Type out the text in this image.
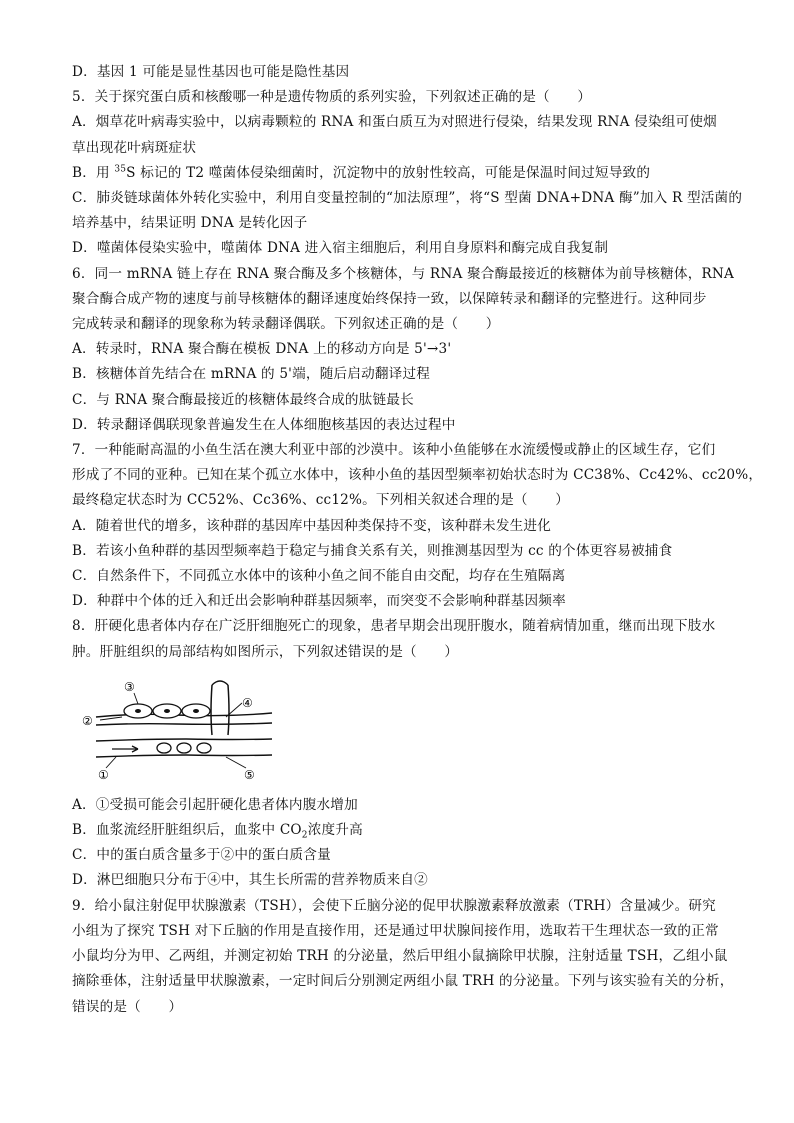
D．基因 1 可能是显性基因也可能是隐性基因
5．关于探究蛋白质和核酸哪一种是遗传物质的系列实验，下列叙述正确的是（　　）
A．烟草花叶病毒实验中，以病毒颗粒的 RNA 和蛋白质互为对照进行侵染，结果发现 RNA 侵染组可使烟
草出现花叶病斑症状
B．用 $^{35}$S 标记的 T2 噬菌体侵染细菌时，沉淀物中的放射性较高，可能是保温时间过短导致的
C．肺炎链球菌体外转化实验中，利用自变量控制的“加法原理”，将“S 型菌 DNA+DNA 酶”加入 R 型活菌的
培养基中，结果证明 DNA 是转化因子
D．噬菌体侵染实验中，噬菌体 DNA 进入宿主细胞后，利用自身原料和酶完成自我复制
6．同一 mRNA 链上存在 RNA 聚合酶及多个核糖体，与 RNA 聚合酶最接近的核糖体为前导核糖体，RNA
聚合酶合成产物的速度与前导核糖体的翻译速度始终保持一致，以保障转录和翻译的完整进行。这种同步
完成转录和翻译的现象称为转录翻译偶联。下列叙述正确的是（　　）
A．转录时，RNA 聚合酶在模板 DNA 上的移动方向是 5'→3'
B．核糖体首先结合在 mRNA 的 5'端，随后启动翻译过程
C．与 RNA 聚合酶最接近的核糖体最终合成的肽链最长
D．转录翻译偶联现象普遍发生在人体细胞核基因的表达过程中
7．一种能耐高温的小鱼生活在澳大利亚中部的沙漠中。该种小鱼能够在水流缓慢或静止的区域生存，它们
形成了不同的亚种。已知在某个孤立水体中，该种小鱼的基因型频率初始状态时为 CC38%、Cc42%、cc20%，
最终稳定状态时为 CC52%、Cc36%、cc12%。下列相关叙述合理的是（　　）
A．随着世代的增多，该种群的基因库中基因种类保持不变，该种群未发生进化
B．若该小鱼种群的基因型频率趋于稳定与捕食关系有关，则推测基因型为 cc 的个体更容易被捕食
C．自然条件下，不同孤立水体中的该种小鱼之间不能自由交配，均存在生殖隔离
D．种群中个体的迁入和迁出会影响种群基因频率，而突变不会影响种群基因频率
8．肝硬化患者体内存在广泛肝细胞死亡的现象，患者早期会出现肝腹水，随着病情加重，继而出现下肢水
肿。肝脏组织的局部结构如图所示，下列叙述错误的是（　　）
③
②
④
①	⑤
A．①受损可能会引起肝硬化患者体内腹水增加
B．血浆流经肝脏组织后，血浆中 $CO_2$浓度升高
C．中的蛋白质含量多于②中的蛋白质含量
D．淋巴细胞只分布于④中，其生长所需的营养物质来自②
9．给小鼠注射促甲状腺激素（TSH），会使下丘脑分泌的促甲状腺激素释放激素（TRH）含量减少。研究
小组为了探究 TSH 对下丘脑的作用是直接作用，还是通过甲状腺间接作用，选取若干生理状态一致的正常
小鼠均分为甲、乙两组，并测定初始 TRH 的分泌量，然后甲组小鼠摘除甲状腺，注射适量 TSH，乙组小鼠
摘除垂体，注射适量甲状腺激素，一定时间后分别测定两组小鼠 TRH 的分泌量。下列与该实验有关的分析，
错误的是（　　）
